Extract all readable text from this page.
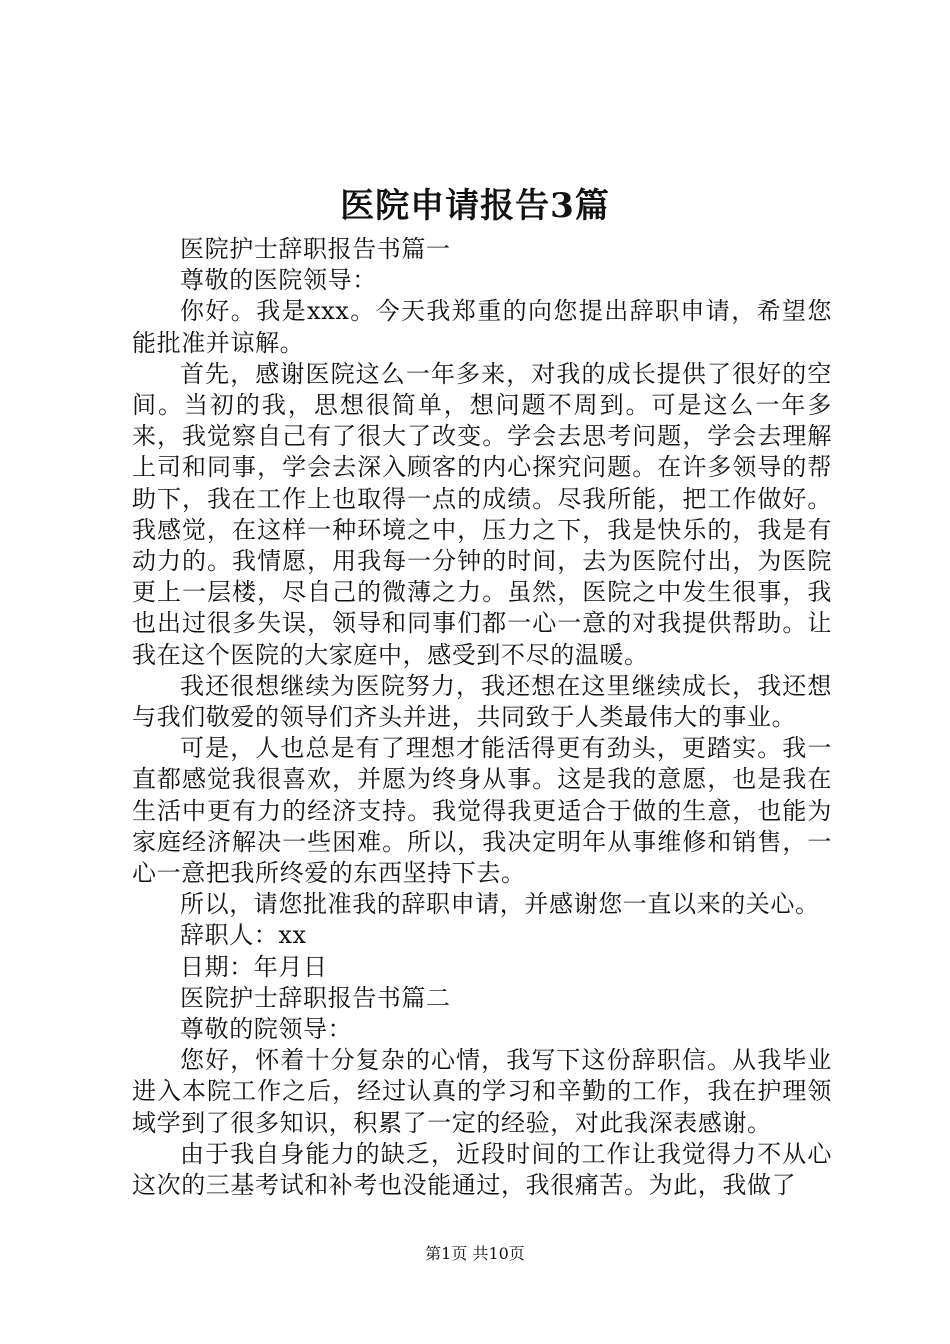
医院申请报告3篇

医院护士辞职报告书篇一

尊敬的医院领导：

你好。我是xxx。今天我郑重的向您提出辞职申请，希望您能批准并谅解。

首先，感谢医院这么一年多来，对我的成长提供了很好的空间。当初的我，思想很简单，想问题不周到。可是这么一年多来，我觉察自己有了很大了改变。学会去思考问题，学会去理解上司和同事，学会去深入顾客的内心探究问题。在许多领导的帮助下，我在工作上也取得一点的成绩。尽我所能，把工作做好。我感觉，在这样一种环境之中，压力之下，我是快乐的，我是有动力的。我情愿，用我每一分钟的时间，去为医院付出，为医院更上一层楼，尽自己的微薄之力。虽然，医院之中发生很事，我也出过很多失误，领导和同事们都一心一意的对我提供帮助。让我在这个医院的大家庭中，感受到不尽的温暖。

我还很想继续为医院努力，我还想在这里继续成长，我还想与我们敬爱的领导们齐头并进，共同致于人类最伟大的事业。

可是，人也总是有了理想才能活得更有劲头，更踏实。我一直都感觉我很喜欢，并愿为终身从事。这是我的意愿，也是我在生活中更有力的经济支持。我觉得我更适合于做的生意，也能为家庭经济解决一些困难。所以，我决定明年从事维修和销售，一心一意把我所终爱的东西坚持下去。

所以，请您批准我的辞职申请，并感谢您一直以来的关心。

辞职人：xx

日期：年月日

医院护士辞职报告书篇二

尊敬的院领导：

您好，怀着十分复杂的心情，我写下这份辞职信。从我毕业进入本院工作之后，经过认真的学习和辛勤的工作，我在护理领域学到了很多知识，积累了一定的经验，对此我深表感谢。

由于我自身能力的缺乏，近段时间的工作让我觉得力不从心这次的三基考试和补考也没能通过，我很痛苦。为此，我做了

第1页 共10页
